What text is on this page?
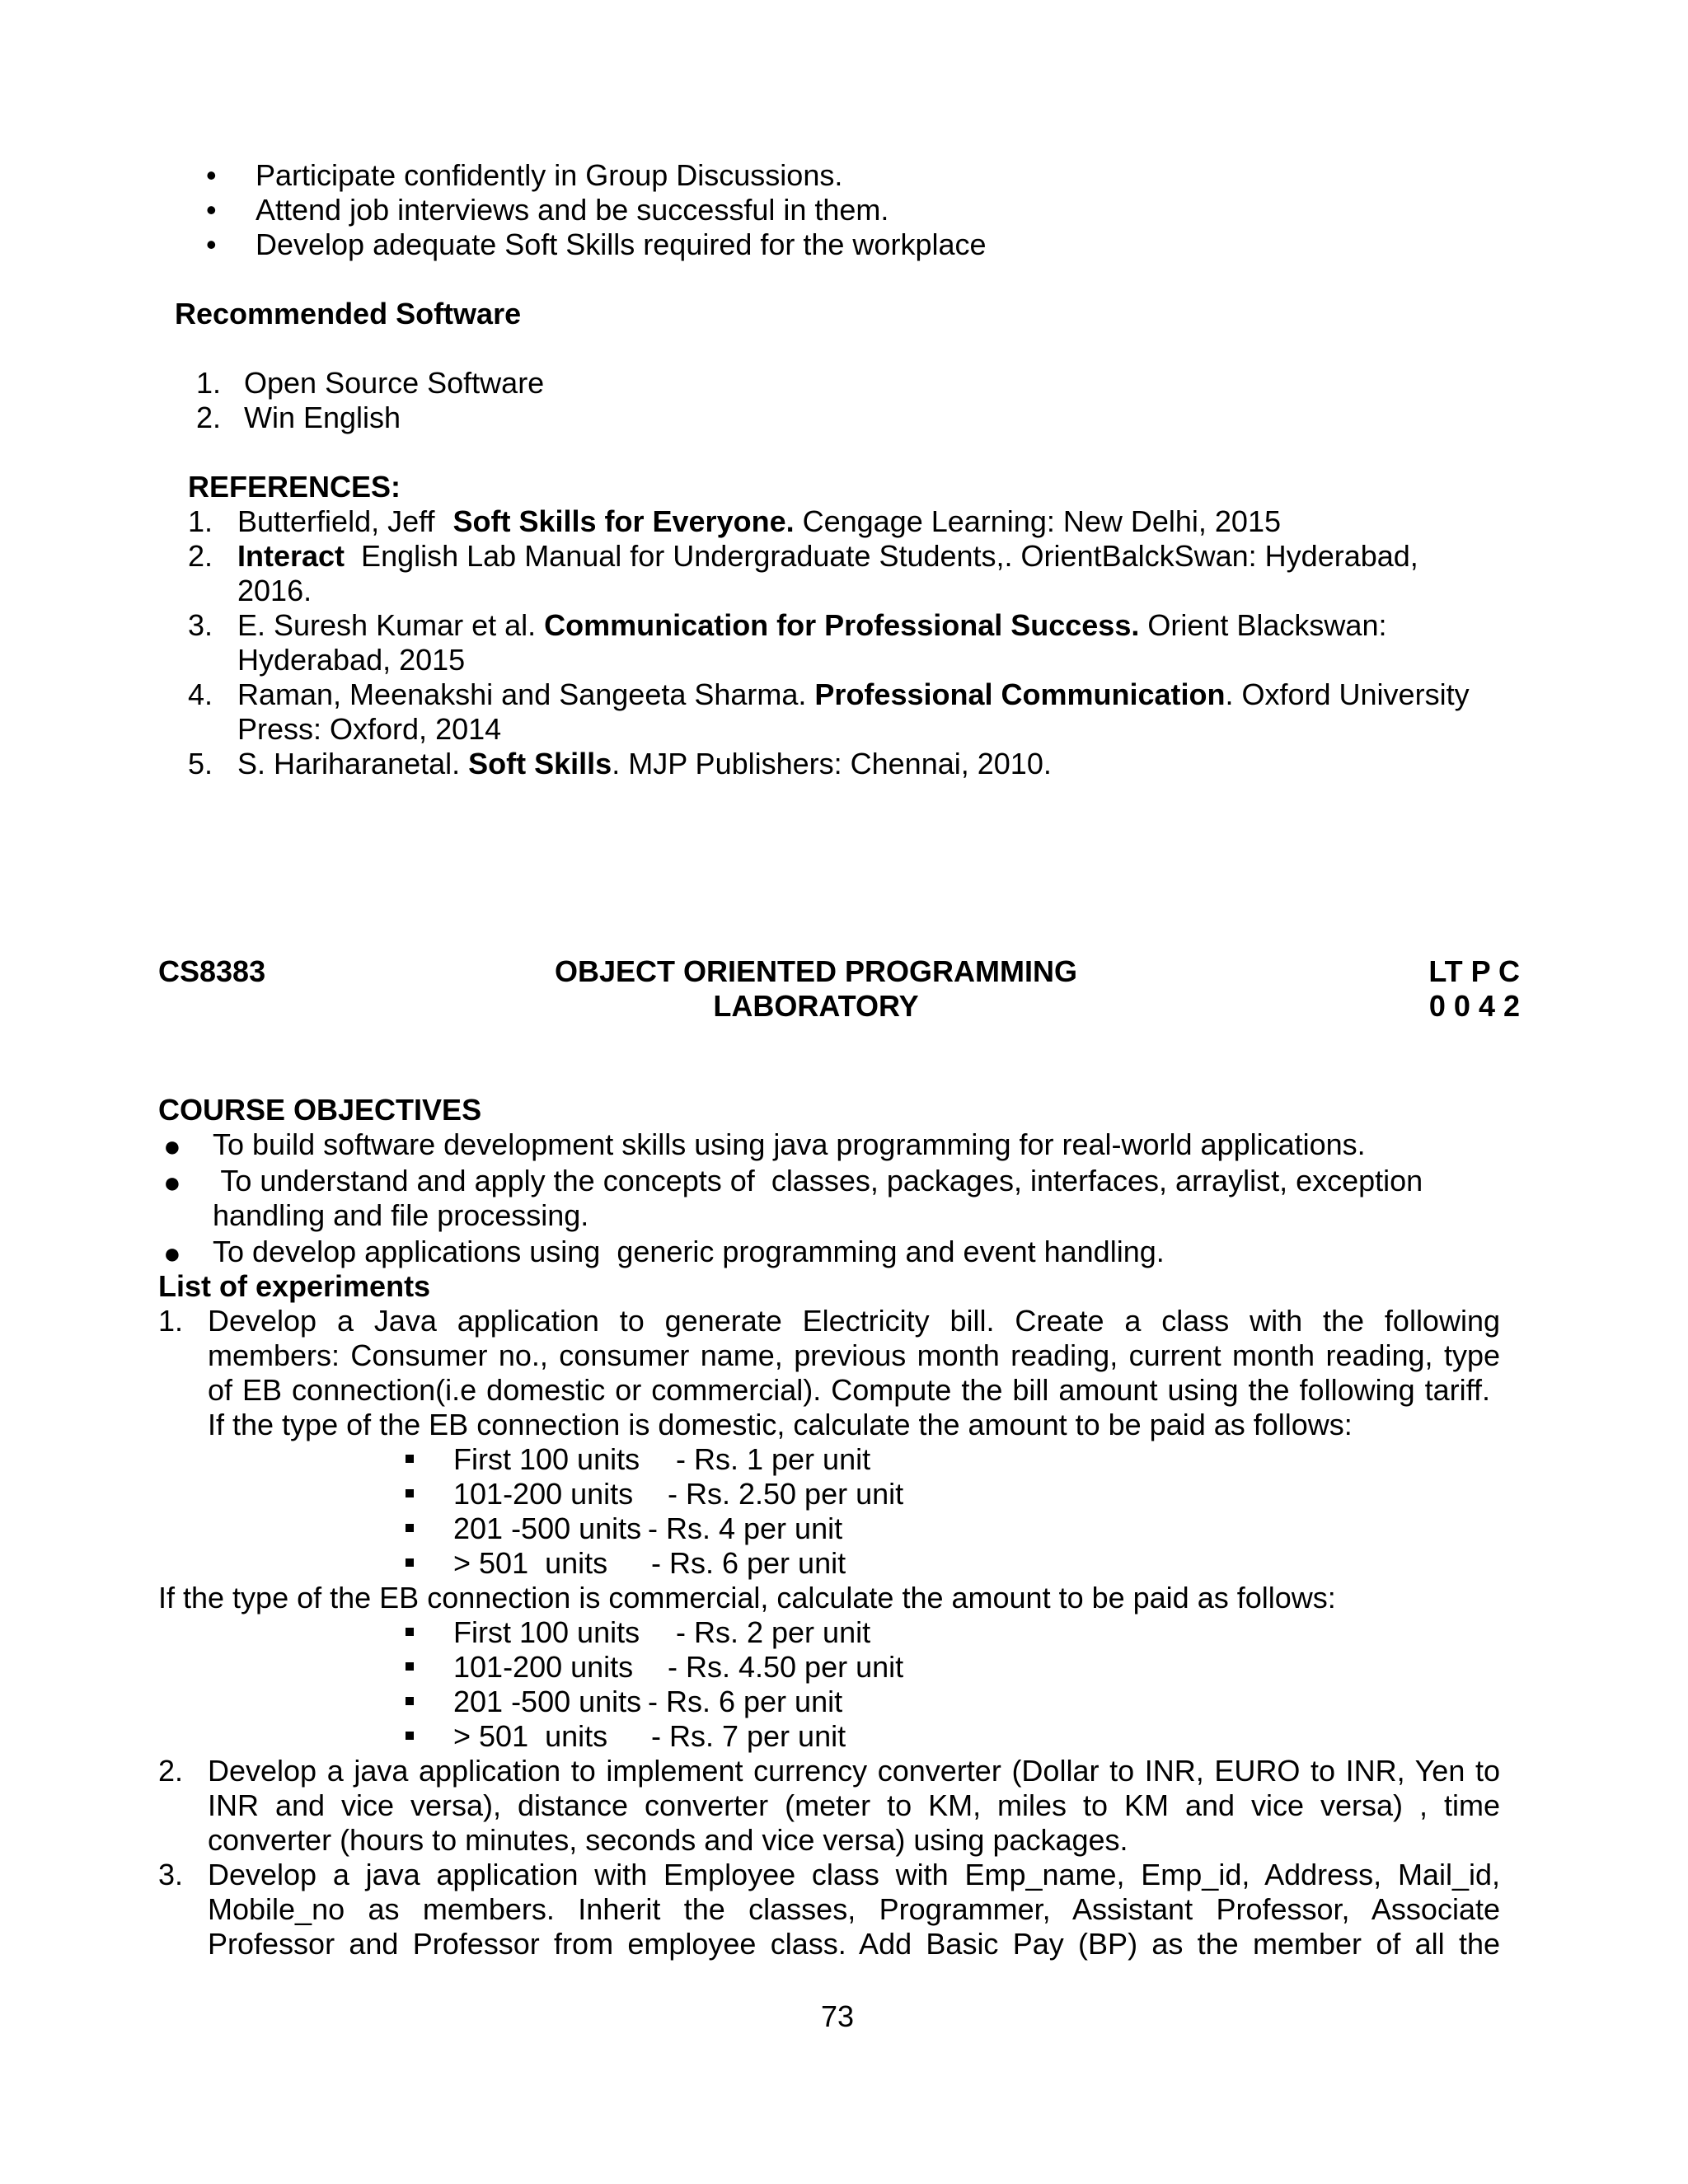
• Participate confidently in Group Discussions.
• Attend job interviews and be successful in them.
• Develop adequate Soft Skills required for the workplace
Recommended Software
1. Open Source Software
2. Win English
REFERENCES:
1. Butterfield, Jeff Soft Skills for Everyone. Cengage Learning: New Delhi, 2015
2. Interact  English Lab Manual for Undergraduate Students,. OrientBalckSwan: Hyderabad,
2016.
3. E. Suresh Kumar et al. Communication for Professional Success. Orient Blackswan:
Hyderabad, 2015
4. Raman, Meenakshi and Sangeeta Sharma. Professional Communication. Oxford University
Press: Oxford, 2014
5. S. Hariharanetal. Soft Skills. MJP Publishers: Chennai, 2010.
CS8383	OBJECT ORIENTED PROGRAMMING
LABORATORY
LT P C
0 0 4 2
COURSE OBJECTIVES
● To build software development skills using java programming for real-world applications.
● To understand and apply the concepts of  classes, packages, interfaces, arraylist, exception
handling and file processing.
● To develop applications using  generic programming and event handling.
List of experiments
1. Develop a Java application to generate Electricity bill. Create a class with the following
members: Consumer no., consumer name, previous month reading, current month reading, type
of EB connection(i.e domestic or commercial). Compute the bill amount using the following tariff.
If the type of the EB connection is domestic, calculate the amount to be paid as follows:
First 100 units - Rs. 1 per unit
101-200 units - Rs. 2.50 per unit
201 -500 units - Rs. 4 per unit
> 501  units - Rs. 6 per unit
If the type of the EB connection is commercial, calculate the amount to be paid as follows:
First 100 units - Rs. 2 per unit
101-200 units - Rs. 4.50 per unit
201 -500 units - Rs. 6 per unit
> 501  units - Rs. 7 per unit
2. Develop a java application to implement currency converter (Dollar to INR, EURO to INR, Yen to
INR and vice versa), distance converter (meter to KM, miles to KM and vice versa) , time
converter (hours to minutes, seconds and vice versa) using packages.
3. Develop a java application with Employee class with Emp_name, Emp_id, Address, Mail_id,
Mobile_no as members. Inherit the classes, Programmer, Assistant Professor, Associate
Professor and Professor from employee class. Add Basic Pay (BP) as the member of all the
73
